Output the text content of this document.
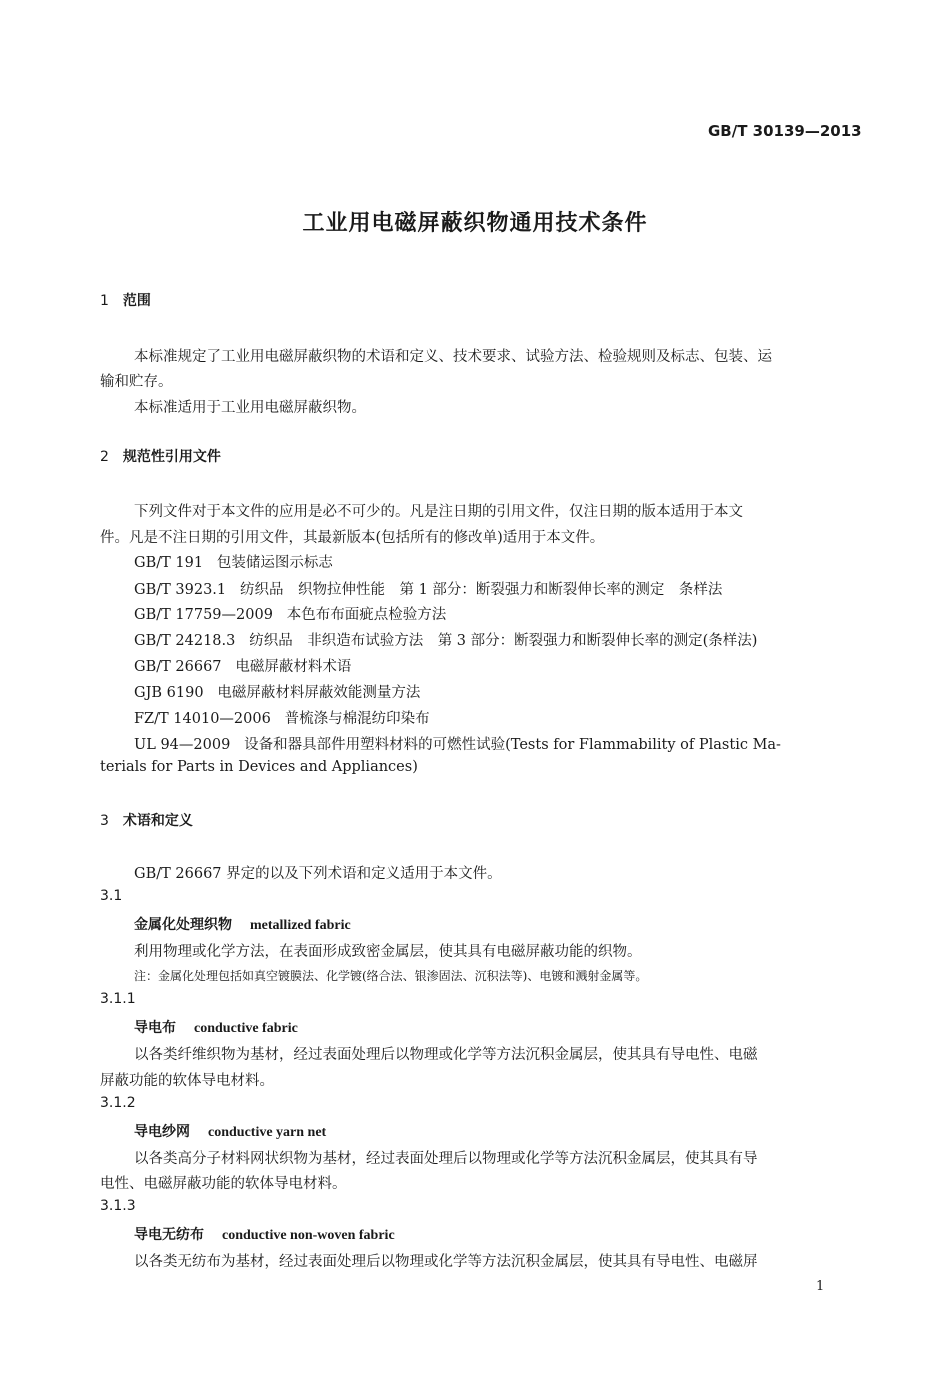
GB/T 30139—2013
工业用电磁屏蔽织物通用技术条件
1 范围
本标准规定了工业用电磁屏蔽织物的术语和定义、技术要求、试验方法、检验规则及标志、包装、运
输和贮存。
本标准适用于工业用电磁屏蔽织物。
2 规范性引用文件
下列文件对于本文件的应用是必不可少的。凡是注日期的引用文件，仅注日期的版本适用于本文
件。凡是不注日期的引用文件，其最新版本(包括所有的修改单)适用于本文件。
GB/T 191 包装储运图示标志
GB/T 3923.1 纺织品　织物拉伸性能　第 1 部分：断裂强力和断裂伸长率的测定　条样法
GB/T 17759—2009 本色布布面疵点检验方法
GB/T 24218.3 纺织品　非织造布试验方法　第 3 部分：断裂强力和断裂伸长率的测定(条样法)
GB/T 26667 电磁屏蔽材料术语
GJB 6190 电磁屏蔽材料屏蔽效能测量方法
FZ/T 14010—2006 普梳涤与棉混纺印染布
UL 94—2009 设备和器具部件用塑料材料的可燃性试验(Tests for Flammability of Plastic Ma-
terials for Parts in Devices and Appliances)
3 术语和定义
GB/T 26667 界定的以及下列术语和定义适用于本文件。
3.1
金属化处理织物 metallized fabric
利用物理或化学方法，在表面形成致密金属层，使其具有电磁屏蔽功能的织物。
注：金属化处理包括如真空镀膜法、化学镀(络合法、银渗固法、沉积法等)、电镀和溅射金属等。
3.1.1
导电布 conductive fabric
以各类纤维织物为基材，经过表面处理后以物理或化学等方法沉积金属层，使其具有导电性、电磁
屏蔽功能的软体导电材料。
3.1.2
导电纱网 conductive yarn net
以各类高分子材料网状织物为基材，经过表面处理后以物理或化学等方法沉积金属层，使其具有导
电性、电磁屏蔽功能的软体导电材料。
3.1.3
导电无纺布 conductive non-woven fabric
以各类无纺布为基材，经过表面处理后以物理或化学等方法沉积金属层，使其具有导电性、电磁屏
1
